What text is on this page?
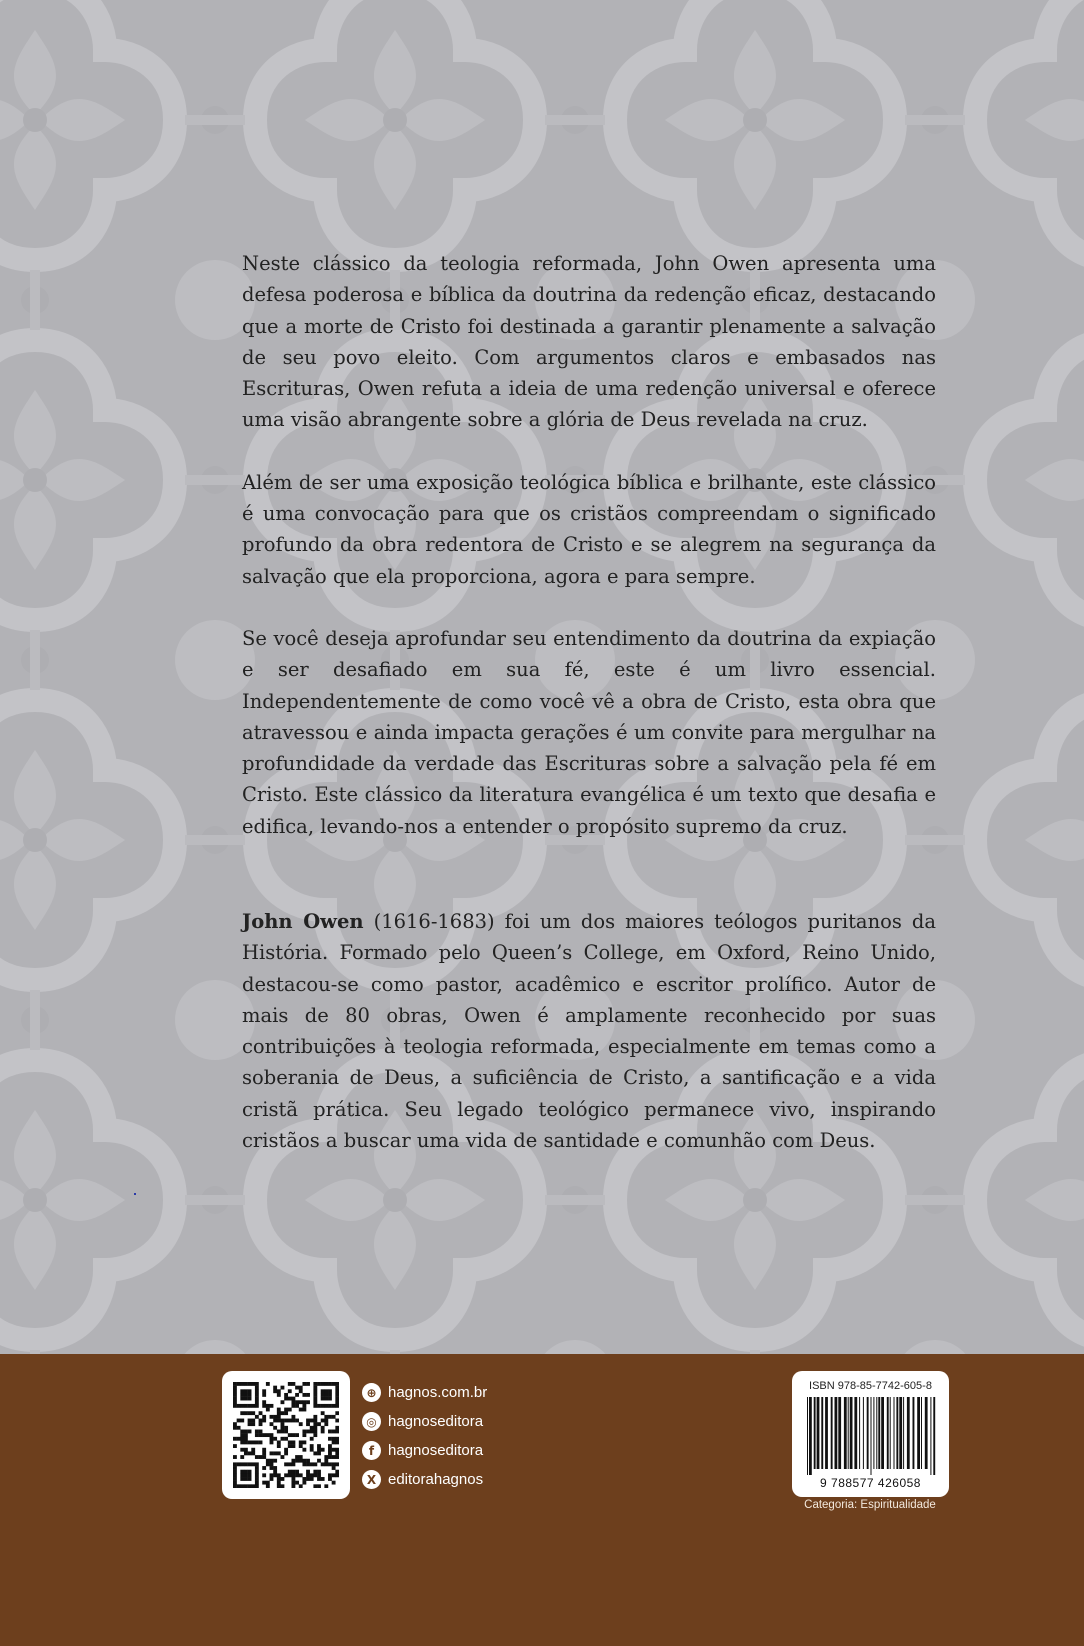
Neste clássico da teologia reformada, John Owen apresenta uma defesa poderosa e bíblica da doutrina da redenção eficaz, destacando que a morte de Cristo foi destinada a garantir plenamente a salvação de seu povo eleito. Com argumentos claros e embasados nas Escrituras, Owen refuta a ideia de uma redenção universal e oferece uma visão abrangente sobre a glória de Deus revelada na cruz.

Além de ser uma exposição teológica bíblica e brilhante, este clássico é uma convocação para que os cristãos compreendam o significado profundo da obra redentora de Cristo e se alegrem na segurança da salvação que ela proporciona, agora e para sempre.

Se você deseja aprofundar seu entendimento da doutrina da expiação e ser desafiado em sua fé, este é um livro essencial. Independentemente de como você vê a obra de Cristo, esta obra que atravessou e ainda impacta gerações é um convite para mergulhar na profundidade da verdade das Escrituras sobre a salvação pela fé em Cristo. Este clássico da literatura evangélica é um texto que desafia e edifica, levando-nos a entender o propósito supremo da cruz.

John Owen (1616-1683) foi um dos maiores teólogos puritanos da História. Formado pelo Queen’s College, em Oxford, Reino Unido, destacou-se como pastor, acadêmico e escritor prolífico. Autor de mais de 80 obras, Owen é amplamente reconhecido por suas contribuições à teologia reformada, especialmente em temas como a soberania de Deus, a suficiência de Cristo, a santificação e a vida cristã prática. Seu legado teológico permanece vivo, inspirando cristãos a buscar uma vida de santidade e comunhão com Deus.

⊕ hagnos.com.br
◎ hagnoseditora
f hagnoseditora
X editorahagnos
ISBN 978-85-7742-605-8
9 788577 426058
Categoria: Espiritualidade
